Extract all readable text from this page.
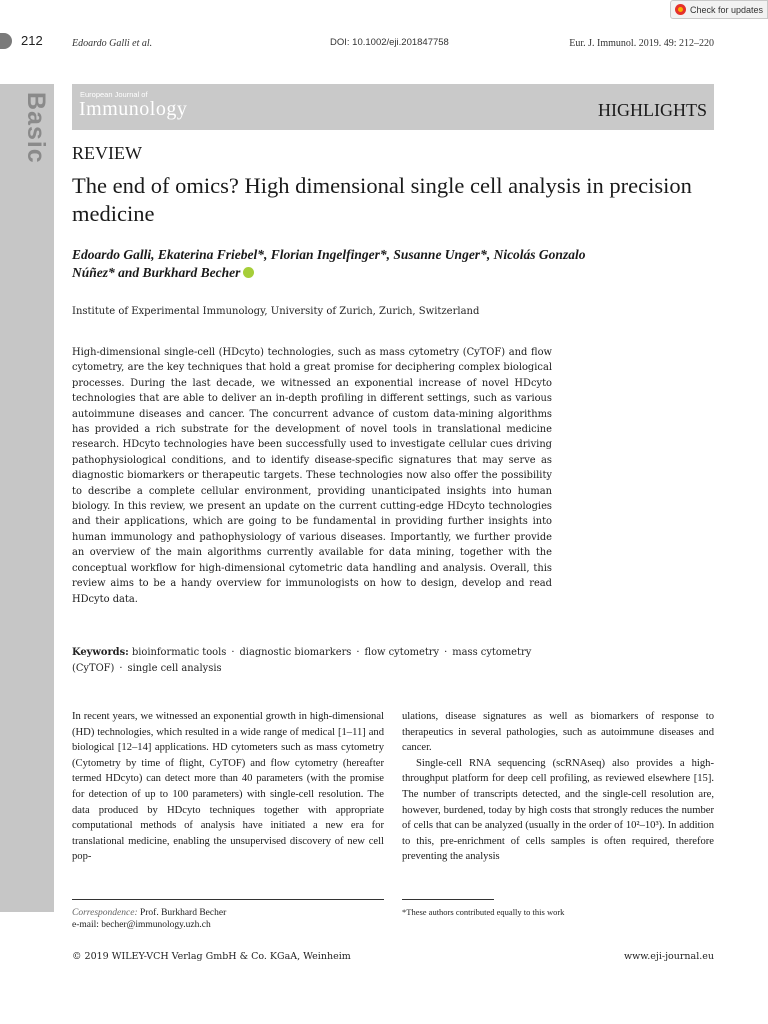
Basic
212	Edoardo Galli et al.	DOI: 10.1002/eji.201847758	Eur. J. Immunol. 2019. 49: 212–220
Check for updates
European Journal of
Immunology	HIGHLIGHTS
REVIEW
The end of omics? High dimensional single cell analysis in precision medicine
Edoardo Galli, Ekaterina Friebel*, Florian Ingelfinger*, Susanne Unger*, Nicolás Gonzalo Núñez* and Burkhard Becher
Institute of Experimental Immunology, University of Zurich, Zurich, Switzerland

High-dimensional single-cell (HDcyto) technologies, such as mass cytometry (CyTOF) and flow cytometry, are the key techniques that hold a great promise for deciphering complex biological processes. During the last decade, we witnessed an exponential increase of novel HDcyto technologies that are able to deliver an in-depth profiling in different settings, such as various autoimmune diseases and cancer. The concurrent advance of custom data-mining algorithms has provided a rich substrate for the development of novel tools in translational medicine research. HDcyto technologies have been successfully used to investigate cellular cues driving pathophysiological conditions, and to identify disease-specific signatures that may serve as diagnostic biomarkers or therapeutic targets. These technologies now also offer the possibility to describe a complete cellular environment, providing unanticipated insights into human biology. In this review, we present an update on the current cutting-edge HDcyto technologies and their applications, which are going to be fundamental in providing further insights into human immunology and pathophysiology of various diseases. Importantly, we further provide an overview of the main algorithms currently available for data mining, together with the conceptual workflow for high-dimensional cytometric data handling and analysis. Overall, this review aims to be a handy overview for immunologists on how to design, develop and read HDcyto data.

Keywords: bioinformatic tools · diagnostic biomarkers · flow cytometry · mass cytometry (CyTOF) · single cell analysis

In recent years, we witnessed an exponential growth in high-dimensional (HD) technologies, which resulted in a wide range of medical [1–11] and biological [12–14] applications. HD cytometers such as mass cytometry (Cytometry by time of flight, CyTOF) and flow cytometry (hereafter termed HDcyto) can detect more than 40 parameters (with the promise for detection of up to 100 parameters) with single-cell resolution. The data produced by HDcyto techniques together with appropriate computational methods of analysis have initiated a new era for translational medicine, enabling the unsupervised discovery of new cell pop-

ulations, disease signatures as well as biomarkers of response to therapeutics in several pathologies, such as autoimmune diseases and cancer.

Single-cell RNA sequencing (scRNAseq) also provides a high-throughput platform for deep cell profiling, as reviewed elsewhere [15]. The number of transcripts detected, and the single-cell resolution are, however, burdened, today by high costs that strongly reduces the number of cells that can be analyzed (usually in the order of 10²–10³). In addition to this, pre-enrichment of cells samples is often required, therefore preventing the analysis

Correspondence: Prof. Burkhard Becher
e-mail: becher@immunology.uzh.ch
*These authors contributed equally to this work
© 2019 WILEY-VCH Verlag GmbH & Co. KGaA, Weinheim	www.eji-journal.eu
